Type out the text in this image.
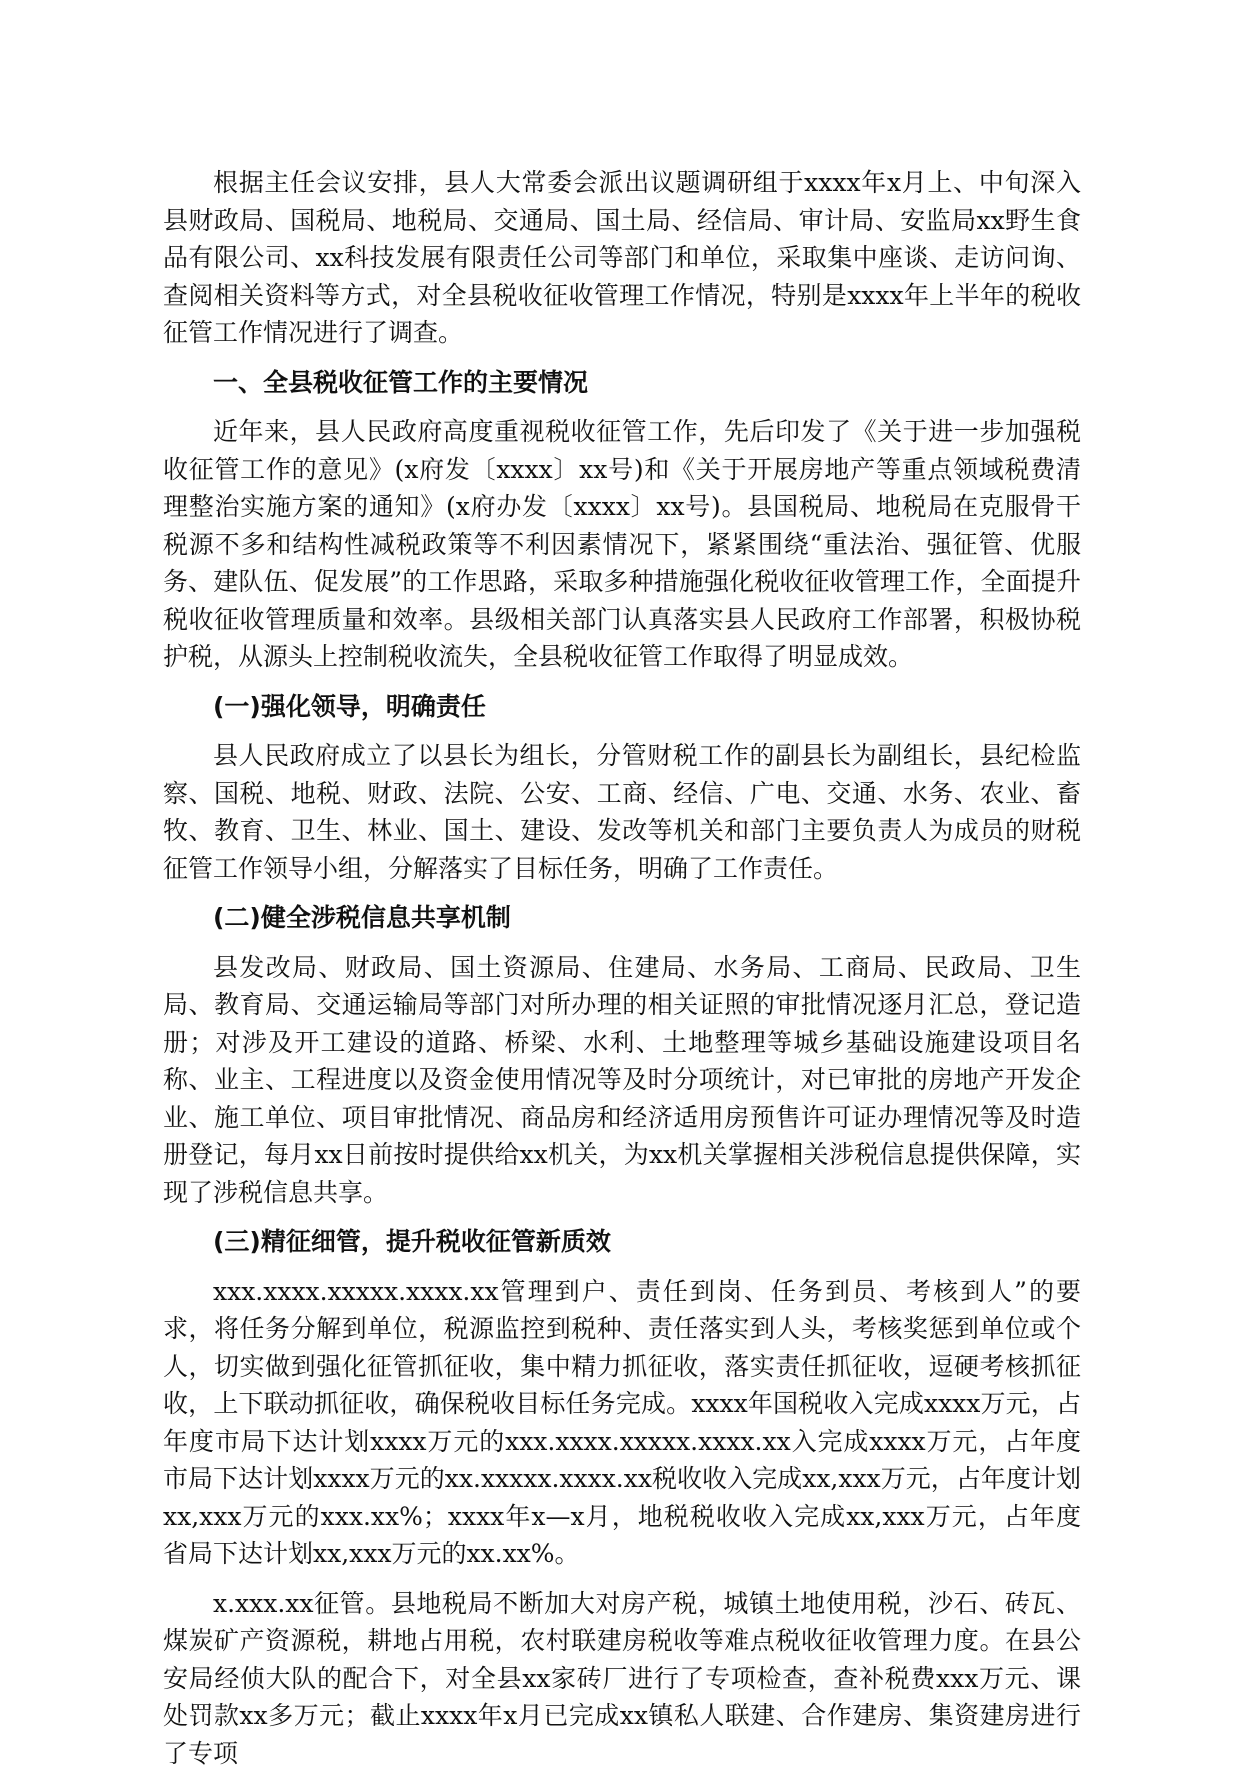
根据主任会议安排，县人大常委会派出议题调研组于xxxx年x月上、中旬深入县财政局、国税局、地税局、交通局、国土局、经信局、审计局、安监局xx野生食品有限公司、xx科技发展有限责任公司等部门和单位，采取集中座谈、走访问询、查阅相关资料等方式，对全县税收征收管理工作情况，特别是xxxx年上半年的税收征管工作情况进行了调查。

一、全县税收征管工作的主要情况

近年来，县人民政府高度重视税收征管工作，先后印发了《关于进一步加强税收征管工作的意见》(x府发〔xxxx〕xx号)和《关于开展房地产等重点领域税费清理整治实施方案的通知》(x府办发〔xxxx〕xx号)。县国税局、地税局在克服骨干税源不多和结构性减税政策等不利因素情况下，紧紧围绕“重法治、强征管、优服务、建队伍、促发展”的工作思路，采取多种措施强化税收征收管理工作，全面提升税收征收管理质量和效率。县级相关部门认真落实县人民政府工作部署，积极协税护税，从源头上控制税收流失，全县税收征管工作取得了明显成效。

(一)强化领导，明确责任

县人民政府成立了以县长为组长，分管财税工作的副县长为副组长，县纪检监察、国税、地税、财政、法院、公安、工商、经信、广电、交通、水务、农业、畜牧、教育、卫生、林业、国土、建设、发改等机关和部门主要负责人为成员的财税征管工作领导小组，分解落实了目标任务，明确了工作责任。

(二)健全涉税信息共享机制

县发改局、财政局、国土资源局、住建局、水务局、工商局、民政局、卫生局、教育局、交通运输局等部门对所办理的相关证照的审批情况逐月汇总，登记造册；对涉及开工建设的道路、桥梁、水利、土地整理等城乡基础设施建设项目名称、业主、工程进度以及资金使用情况等及时分项统计，对已审批的房地产开发企业、施工单位、项目审批情况、商品房和经济适用房预售许可证办理情况等及时造册登记，每月xx日前按时提供给xx机关，为xx机关掌握相关涉税信息提供保障，实现了涉税信息共享。

(三)精征细管，提升税收征管新质效

xxx.xxxx.xxxxx.xxxx.xx管理到户、责任到岗、任务到员、考核到人”的要求，将任务分解到单位，税源监控到税种、责任落实到人头，考核奖惩到单位或个人，切实做到强化征管抓征收，集中精力抓征收，落实责任抓征收，逗硬考核抓征收，上下联动抓征收，确保税收目标任务完成。xxxx年国税收入完成xxxx万元，占年度市局下达计划xxxx万元的xxx.xxxx.xxxxx.xxxx.xx入完成xxxx万元，占年度市局下达计划xxxx万元的xx.xxxxx.xxxx.xx税收收入完成xx,xxx万元，占年度计划xx,xxx万元的xxx.xx%；xxxx年x—x月，地税税收收入完成xx,xxx万元，占年度省局下达计划xx,xxx万元的xx.xx%。

x.xxx.xx征管。县地税局不断加大对房产税，城镇土地使用税，沙石、砖瓦、煤炭矿产资源税，耕地占用税，农村联建房税收等难点税收征收管理力度。在县公安局经侦大队的配合下，对全县xx家砖厂进行了专项检查，查补税费xxx万元、课处罚款xx多万元；截止xxxx年x月已完成xx镇私人联建、合作建房、集资建房进行了专项
